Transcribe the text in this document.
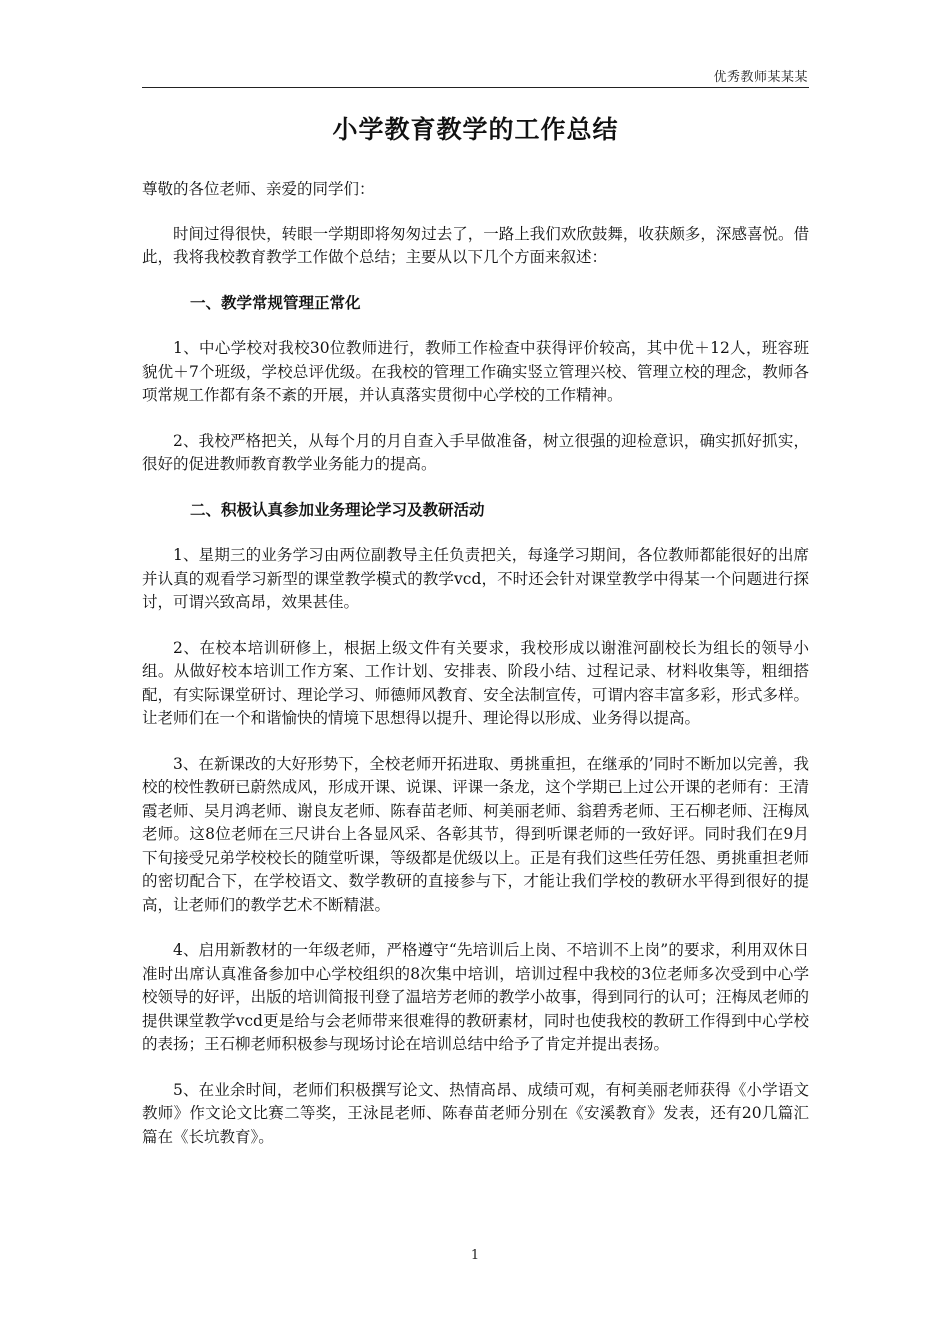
优秀教师某某某
小学教育教学的工作总结
尊敬的各位老师、亲爱的同学们：
时间过得很快，转眼一学期即将匆匆过去了，一路上我们欢欣鼓舞，收获颇多，深感喜悦。借此，我将我校教育教学工作做个总结；主要从以下几个方面来叙述：
一、教学常规管理正常化
1、中心学校对我校30位教师进行，教师工作检查中获得评价较高，其中优＋12人，班容班貌优＋7个班级，学校总评优级。在我校的管理工作确实竖立管理兴校、管理立校的理念，教师各项常规工作都有条不紊的开展，并认真落实贯彻中心学校的工作精神。
2、我校严格把关，从每个月的月自查入手早做准备，树立很强的迎检意识，确实抓好抓实，很好的促进教师教育教学业务能力的提高。
二、积极认真参加业务理论学习及教研活动
1、星期三的业务学习由两位副教导主任负责把关，每逢学习期间，各位教师都能很好的出席并认真的观看学习新型的课堂教学模式的教学vcd，不时还会针对课堂教学中得某一个问题进行探讨，可谓兴致高昂，效果甚佳。
2、在校本培训研修上，根据上级文件有关要求，我校形成以谢淮河副校长为组长的领导小组。从做好校本培训工作方案、工作计划、安排表、阶段小结、过程记录、材料收集等，粗细搭配，有实际课堂研讨、理论学习、师德师风教育、安全法制宣传，可谓内容丰富多彩，形式多样。让老师们在一个和谐愉快的情境下思想得以提升、理论得以形成、业务得以提高。
3、在新课改的大好形势下，全校老师开拓进取、勇挑重担，在继承的’同时不断加以完善，我校的校性教研已蔚然成风，形成开课、说课、评课一条龙，这个学期已上过公开课的老师有：王清霞老师、吴月鸿老师、谢良友老师、陈春苗老师、柯美丽老师、翁碧秀老师、王石柳老师、汪梅凤老师。这8位老师在三尺讲台上各显风采、各彰其节，得到听课老师的一致好评。同时我们在9月下旬接受兄弟学校校长的随堂听课，等级都是优级以上。正是有我们这些任劳任怨、勇挑重担老师的密切配合下，在学校语文、数学教研的直接参与下，才能让我们学校的教研水平得到很好的提高，让老师们的教学艺术不断精湛。
4、启用新教材的一年级老师，严格遵守“先培训后上岗、不培训不上岗”的要求，利用双休日准时出席认真准备参加中心学校组织的8次集中培训，培训过程中我校的3位老师多次受到中心学校领导的好评，出版的培训简报刊登了温培芳老师的教学小故事，得到同行的认可；汪梅凤老师的提供课堂教学vcd更是给与会老师带来很难得的教研素材，同时也使我校的教研工作得到中心学校的表扬；王石柳老师积极参与现场讨论在培训总结中给予了肯定并提出表扬。
5、在业余时间，老师们积极撰写论文、热情高昂、成绩可观，有柯美丽老师获得《小学语文教师》作文论文比赛二等奖，王泳昆老师、陈春苗老师分别在《安溪教育》发表，还有20几篇汇篇在《长坑教育》。
1
